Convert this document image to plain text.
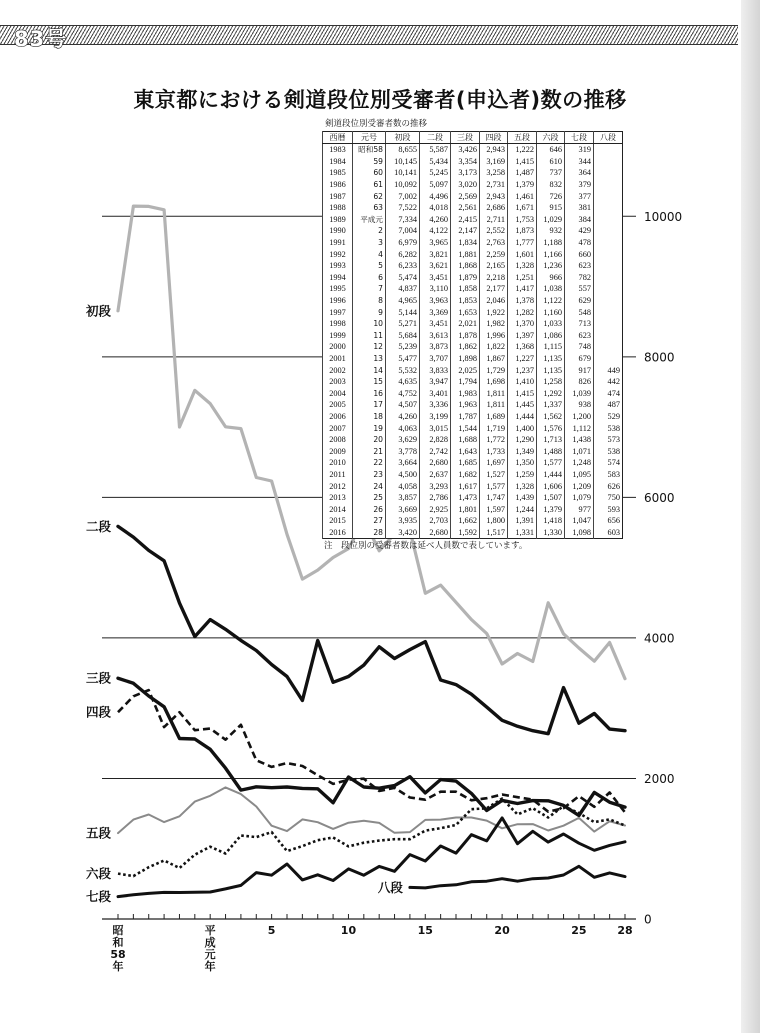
83号
東京都における剣道段位別受審者(申込者)数の推移
0
2000
4000
6000
8000
10000
初段
二段
三段
四段
五段
六段
七段
八段
昭
和
58
年
平
成
元
年
5	10	15	20	25	28
剣道段位別受審者数の推移
西暦	元号	初段	二段	三段	四段	五段	六段	七段	八段
1983	昭和58	8,655	5,587	3,426	2,943	1,222	646	319	
1984	59	10,145	5,434	3,354	3,169	1,415	610	344	
1985	60	10,141	5,245	3,173	3,258	1,487	737	364	
1986	61	10,092	5,097	3,020	2,731	1,379	832	379	
1987	62	7,002	4,496	2,569	2,943	1,461	726	377	
1988	63	7,522	4,018	2,561	2,686	1,671	915	381	
1989	平成元	7,334	4,260	2,415	2,711	1,753	1,029	384	
1990	2	7,004	4,122	2,147	2,552	1,873	932	429	
1991	3	6,979	3,965	1,834	2,763	1,777	1,188	478	
1992	4	6,282	3,821	1,881	2,259	1,601	1,166	660	
1993	5	6,233	3,621	1,868	2,165	1,328	1,236	623	
1994	6	5,474	3,451	1,879	2,218	1,251	966	782	
1995	7	4,837	3,110	1,858	2,177	1,417	1,038	557	
1996	8	4,965	3,963	1,853	2,046	1,378	1,122	629	
1997	9	5,144	3,369	1,653	1,922	1,282	1,160	548	
1998	10	5,271	3,451	2,021	1,982	1,370	1,033	713	
1999	11	5,684	3,613	1,878	1,996	1,397	1,086	623	
2000	12	5,239	3,873	1,862	1,822	1,368	1,115	748	
2001	13	5,477	3,707	1,898	1,867	1,227	1,135	679	
2002	14	5,532	3,833	2,025	1,729	1,237	1,135	917	449
2003	15	4,635	3,947	1,794	1,698	1,410	1,258	826	442
2004	16	4,752	3,401	1,983	1,811	1,415	1,292	1,039	474
2005	17	4,507	3,336	1,963	1,811	1,445	1,337	938	487
2006	18	4,260	3,199	1,787	1,689	1,444	1,562	1,200	529
2007	19	4,063	3,015	1,544	1,719	1,400	1,576	1,112	538
2008	20	3,629	2,828	1,688	1,772	1,290	1,713	1,438	573
2009	21	3,778	2,742	1,643	1,733	1,349	1,488	1,071	538
2010	22	3,664	2,680	1,685	1,697	1,350	1,577	1,248	574
2011	23	4,500	2,637	1,682	1,527	1,259	1,444	1,095	583
2012	24	4,058	3,293	1,617	1,577	1,328	1,606	1,209	626
2013	25	3,857	2,786	1,473	1,747	1,439	1,507	1,079	750
2014	26	3,669	2,925	1,801	1,597	1,244	1,379	977	593
2015	27	3,935	2,703	1,662	1,800	1,391	1,418	1,047	656
2016	28	3,420	2,680	1,592	1,517	1,331	1,330	1,098	603
注　段位別の受審者数は延べ人員数で表しています。
